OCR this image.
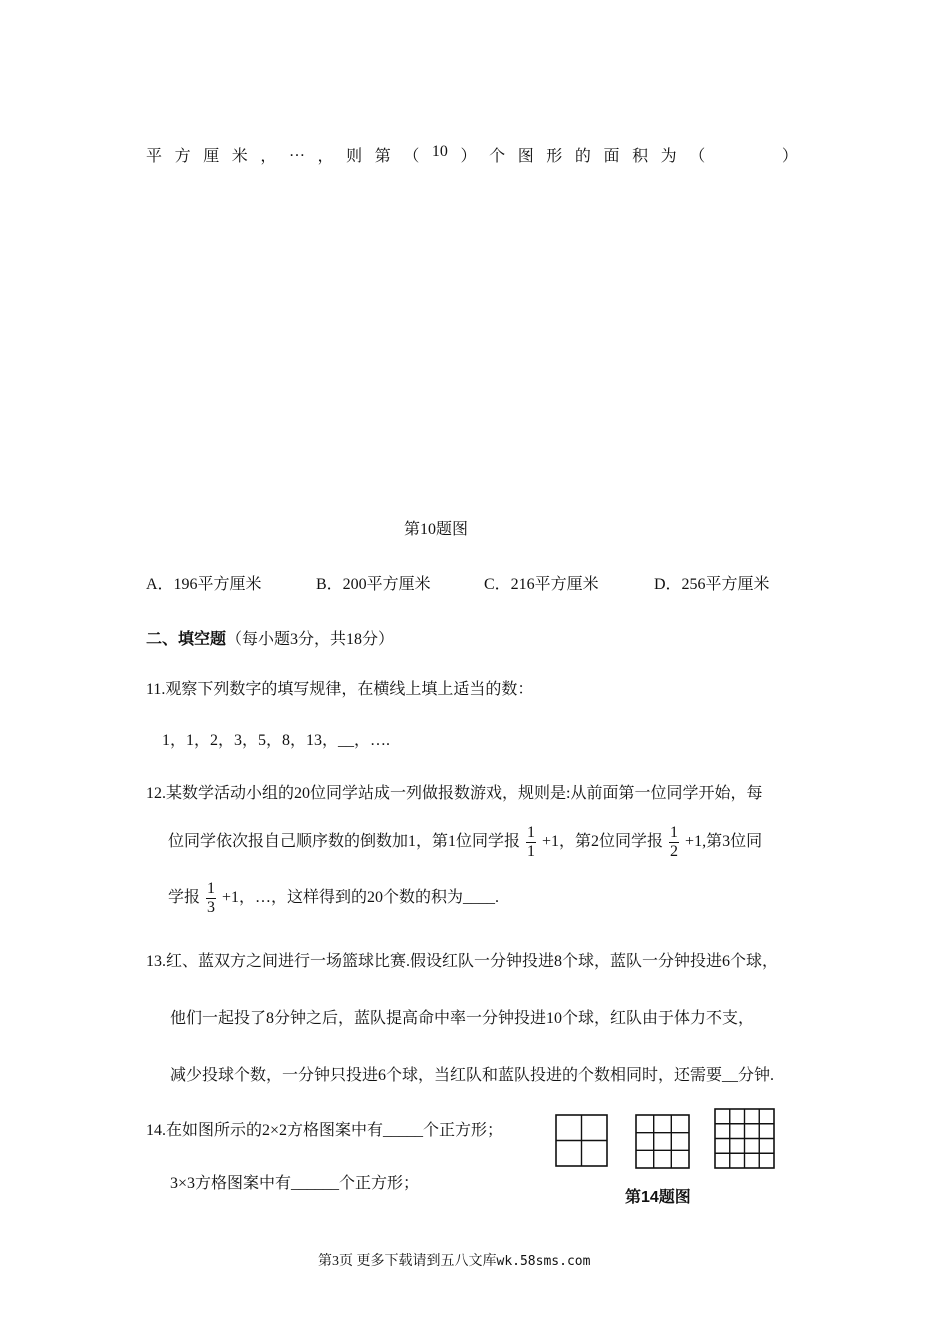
平 方 厘 米 ， … ， 则 第 （ 10 ） 个 图 形 的 面 积 为 （	）
第10题图
A．196平方厘米	B．200平方厘米	C．216平方厘米	D．256平方厘米
二、填空题（每小题3分，共18分）
11.观察下列数字的填写规律，在横线上填上适当的数：
1，1，2，3，5，8，13，__，….
12.某数学活动小组的20位同学站成一列做报数游戏，规则是:从前面第一位同学开始，每
位同学依次报自己顺序数的倒数加1，第1位同学报 $\frac{1}{1} +1$，第2位同学报 $\frac{1}{2} +1$,第3位同
学报 $\frac{1}{3} +1$，…，这样得到的20个数的积为____.
13.红、蓝双方之间进行一场篮球比赛.假设红队一分钟投进8个球，蓝队一分钟投进6个球，
他们一起投了8分钟之后，蓝队提高命中率一分钟投进10个球，红队由于体力不支，
减少投球个数，一分钟只投进6个球，当红队和蓝队投进的个数相同时，还需要__分钟.
14.在如图所示的2×2方格图案中有_____个正方形；
3×3方格图案中有______个正方形；
第14题图
第3页 更多下载请到五八文库wk.58sms.com
